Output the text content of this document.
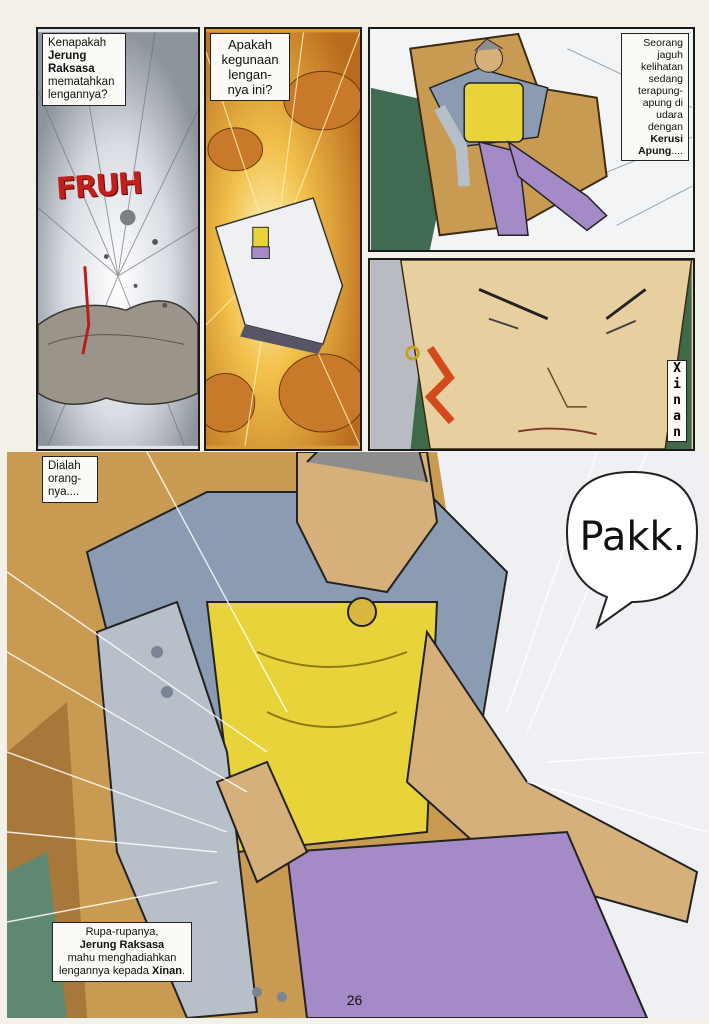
Kenapakah
Jerung Raksasa
mematahkan
lengannya?
FRUH
Apakah
kegunaan
lengan-
nya ini?
Seorang
jaguh
kelihatan
sedang
terapung-
apung di
udara
dengan
Kerusi
Apung....
X
i
n
a
n
Dialah
orang-
nya....
Pakk.
Rupa-rupanya,
Jerung Raksasa
mahu menghadiahkan
lengannya kepada Xinan.
26
